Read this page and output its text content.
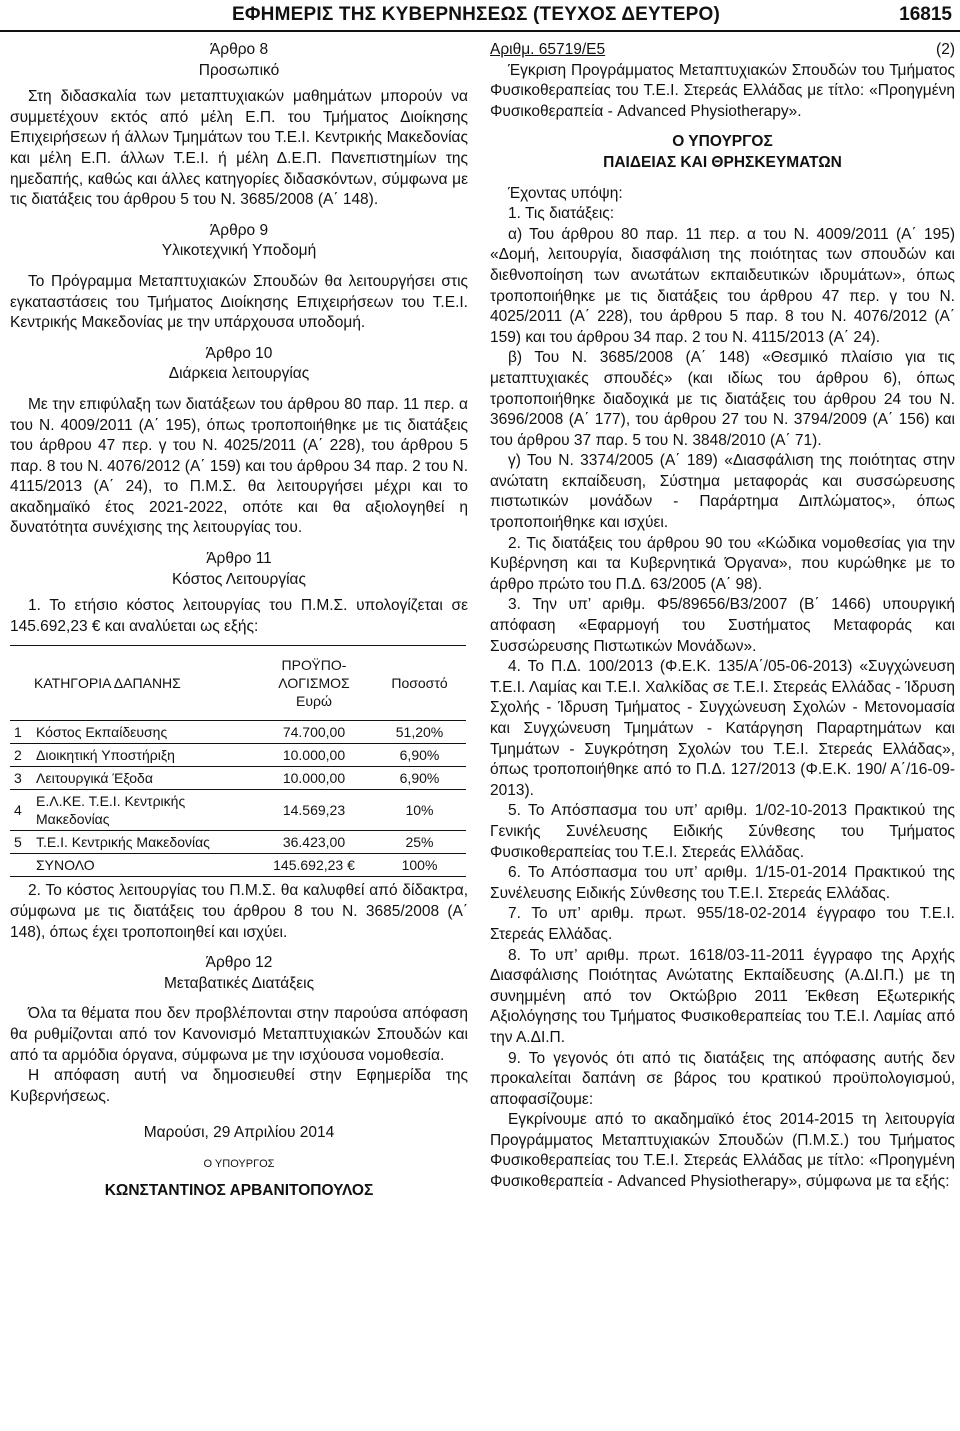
ΕΦΗΜΕΡΙΣ ΤΗΣ ΚΥΒΕΡΝΗΣΕΩΣ (ΤΕΥΧΟΣ ΔΕΥΤΕΡΟ)	16815

Άρθρο 8

Προσωπικό

Στη διδασκαλία των μεταπτυχιακών μαθημάτων μπορούν να συμμετέχουν εκτός από μέλη Ε.Π. του Τμήματος Διοίκησης Επιχειρήσεων ή άλλων Τμημάτων του Τ.Ε.Ι. Κεντρικής Μακεδονίας και μέλη Ε.Π. άλλων Τ.Ε.Ι. ή μέλη Δ.Ε.Π. Πανεπιστημίων της ημεδαπής, καθώς και άλλες κατηγορίες διδασκόντων, σύμφωνα με τις διατάξεις του άρθρου 5 του Ν. 3685/2008 (Α΄ 148).

Άρθρο 9

Υλικοτεχνική Υποδομή

Το Πρόγραμμα Μεταπτυχιακών Σπουδών θα λειτουργήσει στις εγκαταστάσεις του Τμήματος Διοίκησης Επιχειρήσεων του Τ.Ε.Ι. Κεντρικής Μακεδονίας με την υπάρχουσα υποδομή.

Άρθρο 10

Διάρκεια λειτουργίας

Με την επιφύλαξη των διατάξεων του άρθρου 80 παρ. 11 περ. α του Ν. 4009/2011 (Α΄ 195), όπως τροποποιήθηκε με τις διατάξεις του άρθρου 47 περ. γ του Ν. 4025/2011 (Α΄ 228), του άρθρου 5 παρ. 8 του Ν. 4076/2012 (Α΄ 159) και του άρθρου 34 παρ. 2 του Ν. 4115/2013 (Α΄ 24), το Π.Μ.Σ. θα λειτουργήσει μέχρι και το ακαδημαϊκό έτος 2021-2022, οπότε και θα αξιολογηθεί η δυνατότητα συνέχισης της λειτουργίας του.

Άρθρο 11

Κόστος Λειτουργίας

1. Το ετήσιο κόστος λειτουργίας του Π.Μ.Σ. υπολογίζεται σε 145.692,23 € και αναλύεται ως εξής:

ΚΑΤΗΓΟΡΙΑ ΔΑΠΑΝΗΣ		ΠΡΟΫΠΟ-ΛΟΓΙΣΜΟΣ Ευρώ	Ποσοστό
1	Κόστος Εκπαίδευσης	74.700,00	51,20%
2	Διοικητική Υποστήριξη	10.000,00	6,90%
3	Λειτουργικά Έξοδα	10.000,00	6,90%
4	Ε.Λ.ΚΕ. Τ.Ε.Ι. Κεντρικής Μακεδονίας	14.569,23	10%
5	Τ.Ε.Ι. Κεντρικής Μακεδονίας	36.423,00	25%
	ΣΥΝΟΛΟ	145.692,23 €	100%

2. Το κόστος λειτουργίας του Π.Μ.Σ. θα καλυφθεί από δίδακτρα, σύμφωνα με τις διατάξεις του άρθρου 8 του Ν. 3685/2008 (Α΄ 148), όπως έχει τροποποιηθεί και ισχύει.

Άρθρο 12

Μεταβατικές Διατάξεις

Όλα τα θέματα που δεν προβλέπονται στην παρούσα απόφαση θα ρυθμίζονται από τον Κανονισμό Μεταπτυχιακών Σπουδών και από τα αρμόδια όργανα, σύμφωνα με την ισχύουσα νομοθεσία.

Η απόφαση αυτή να δημοσιευθεί στην Εφημερίδα της Κυβερνήσεως.

Μαρούσι, 29 Απριλίου 2014

Ο ΥΠΟΥΡΓΟΣ

ΚΩΝΣΤΑΝΤΙΝΟΣ ΑΡΒΑΝΙΤΟΠΟΥΛΟΣ

Αριθμ. 65719/Ε5	(2)

Έγκριση Προγράμματος Μεταπτυχιακών Σπουδών του Τμήματος Φυσικοθεραπείας του Τ.Ε.Ι. Στερεάς Ελλάδας με τίτλο: «Προηγμένη Φυσικοθεραπεία - Advanced Physiotherapy».

Ο ΥΠΟΥΡΓΟΣ
ΠΑΙΔΕΙΑΣ ΚΑΙ ΘΡΗΣΚΕΥΜΑΤΩΝ

Έχοντας υπόψη:

1. Τις διατάξεις:

α) Του άρθρου 80 παρ. 11 περ. α του Ν. 4009/2011 (Α΄ 195) «Δομή, λειτουργία, διασφάλιση της ποιότητας των σπουδών και διεθνοποίηση των ανωτάτων εκπαιδευτικών ιδρυμάτων», όπως τροποποιήθηκε με τις διατάξεις του άρθρου 47 περ. γ του Ν. 4025/2011 (Α΄ 228), του άρθρου 5 παρ. 8 του Ν. 4076/2012 (Α΄ 159) και του άρθρου 34 παρ. 2 του Ν. 4115/2013 (Α΄ 24).

β) Του Ν. 3685/2008 (Α΄ 148) «Θεσμικό πλαίσιο για τις μεταπτυχιακές σπουδές» (και ιδίως του άρθρου 6), όπως τροποποιήθηκε διαδοχικά με τις διατάξεις του άρθρου 24 του Ν. 3696/2008 (Α΄ 177), του άρθρου 27 του Ν. 3794/2009 (Α΄ 156) και του άρθρου 37 παρ. 5 του Ν. 3848/2010 (Α΄ 71).

γ) Του Ν. 3374/2005 (Α΄ 189) «Διασφάλιση της ποιότητας στην ανώτατη εκπαίδευση, Σύστημα μεταφοράς και συσσώρευσης πιστωτικών μονάδων - Παράρτημα Διπλώματος», όπως τροποποιήθηκε και ισχύει.

2. Τις διατάξεις του άρθρου 90 του «Κώδικα νομοθεσίας για την Κυβέρνηση και τα Κυβερνητικά Όργανα», που κυρώθηκε με το άρθρο πρώτο του Π.Δ. 63/2005 (Α΄ 98).

3. Την υπ’ αριθμ. Φ5/89656/Β3/2007 (Β΄ 1466) υπουργική απόφαση «Εφαρμογή του Συστήματος Μεταφοράς και Συσσώρευσης Πιστωτικών Μονάδων».

4. Το Π.Δ. 100/2013 (Φ.Ε.Κ. 135/Α΄/05-06-2013) «Συγχώνευση Τ.Ε.Ι. Λαμίας και Τ.Ε.Ι. Χαλκίδας σε Τ.Ε.Ι. Στερεάς Ελλάδας - Ίδρυση Σχολής - Ίδρυση Τμήματος - Συγχώνευση Σχολών - Μετονομασία και Συγχώνευση Τμημάτων - Κατάργηση Παραρτημάτων και Τμημάτων - Συγκρότηση Σχολών του Τ.Ε.Ι. Στερεάς Ελλάδας», όπως τροποποιήθηκε από το Π.Δ. 127/2013 (Φ.Ε.Κ. 190/ Α΄/16-09-2013).

5. Το Απόσπασμα του υπ’ αριθμ. 1/02-10-2013 Πρακτικού της Γενικής Συνέλευσης Ειδικής Σύνθεσης του Τμήματος Φυσικοθεραπείας του Τ.Ε.Ι. Στερεάς Ελλάδας.

6. Το Απόσπασμα του υπ’ αριθμ. 1/15-01-2014 Πρακτικού της Συνέλευσης Ειδικής Σύνθεσης του Τ.Ε.Ι. Στερεάς Ελλάδας.

7. Το υπ’ αριθμ. πρωτ. 955/18-02-2014 έγγραφο του Τ.Ε.Ι. Στερεάς Ελλάδας.

8. Το υπ’ αριθμ. πρωτ. 1618/03-11-2011 έγγραφο της Αρχής Διασφάλισης Ποιότητας Ανώτατης Εκπαίδευσης (Α.ΔΙ.Π.) με τη συνημμένη από τον Οκτώβριο 2011 Έκθεση Εξωτερικής Αξιολόγησης του Τμήματος Φυσικοθεραπείας του Τ.Ε.Ι. Λαμίας από την Α.ΔΙ.Π.

9. Το γεγονός ότι από τις διατάξεις της απόφασης αυτής δεν προκαλείται δαπάνη σε βάρος του κρατικού προϋπολογισμού, αποφασίζουμε:

Εγκρίνουμε από το ακαδημαϊκό έτος 2014-2015 τη λειτουργία Προγράμματος Μεταπτυχιακών Σπουδών (Π.Μ.Σ.) του Τμήματος Φυσικοθεραπείας του Τ.Ε.Ι. Στερεάς Ελλάδας με τίτλο: «Προηγμένη Φυσικοθεραπεία - Advanced Physiotherapy», σύμφωνα με τα εξής:
